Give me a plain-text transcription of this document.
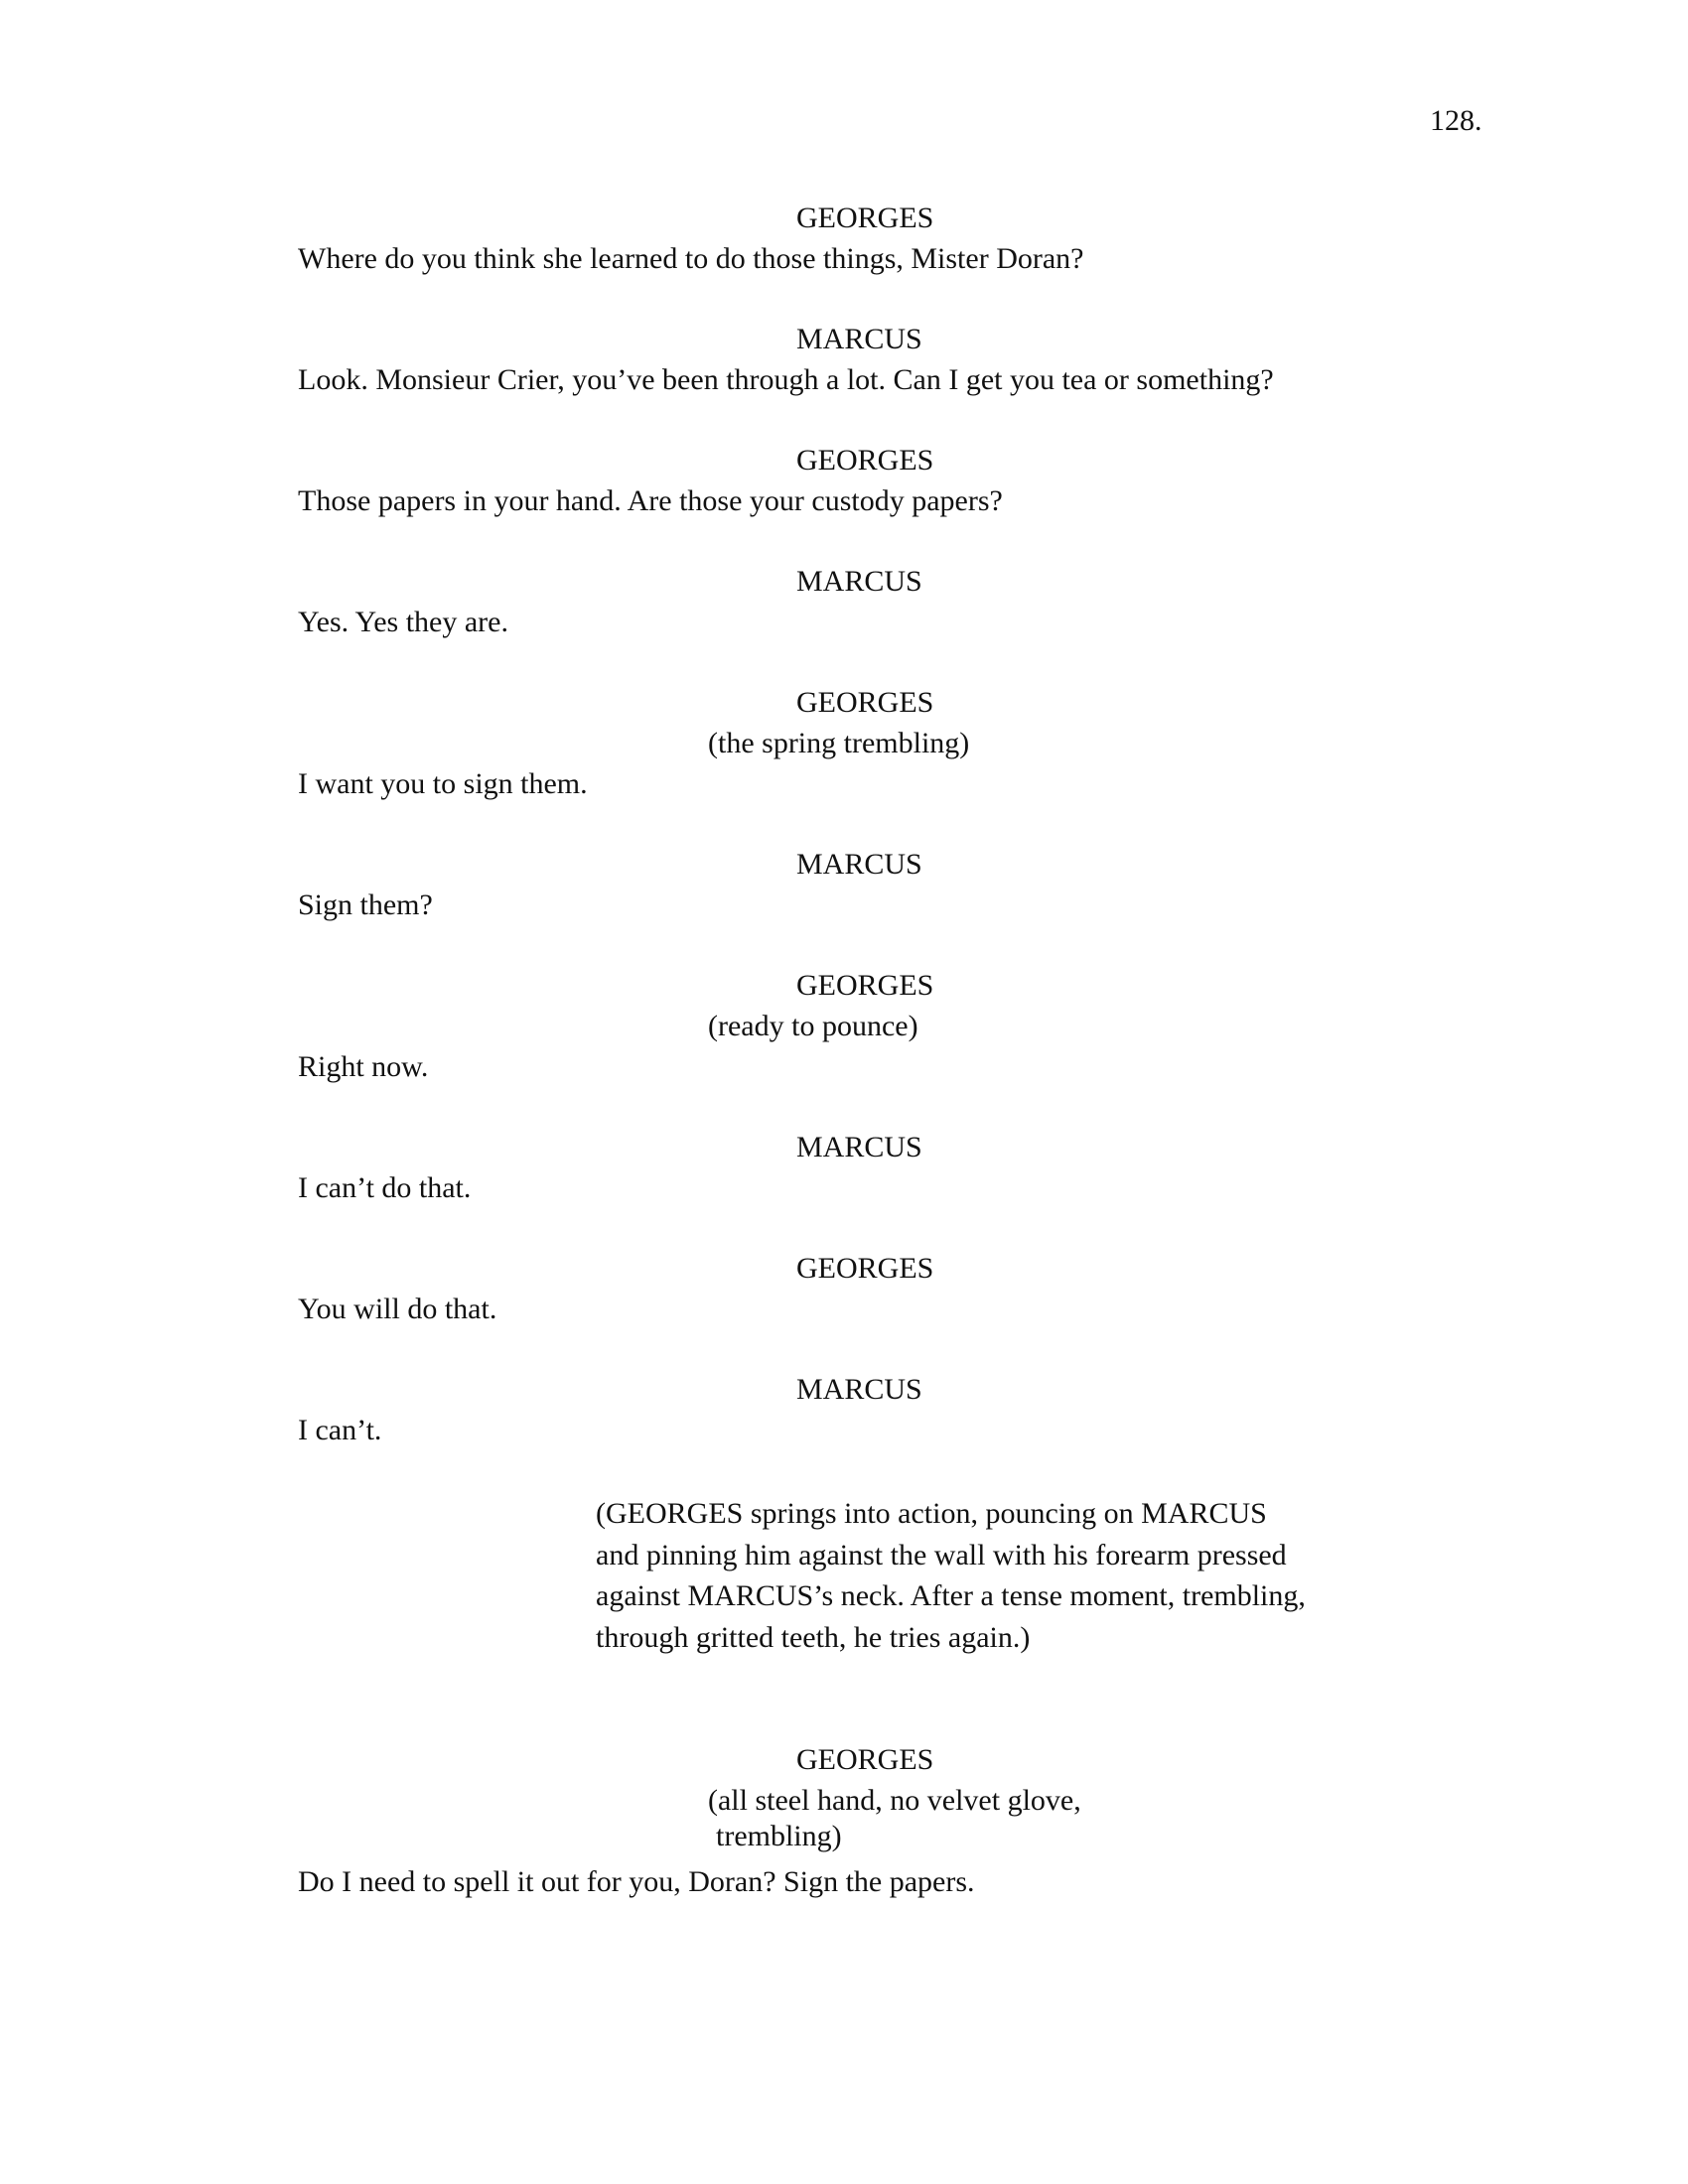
128.
GEORGES
Where do you think she learned to do those things, Mister Doran?
MARCUS
Look. Monsieur Crier, you’ve been through a lot. Can I get you tea or something?
GEORGES
Those papers in your hand. Are those your custody papers?
MARCUS
Yes. Yes they are.
GEORGES
(the spring trembling)
I want you to sign them.
MARCUS
Sign them?
GEORGES
(ready to pounce)
Right now.
MARCUS
I can’t do that.
GEORGES
You will do that.
MARCUS
I can’t.
(GEORGES springs into action, pouncing on MARCUS and pinning him against the wall with his forearm pressed against MARCUS’s neck. After a tense moment, trembling, through gritted teeth, he tries again.)
GEORGES
(all steel hand, no velvet glove,
trembling)
Do I need to spell it out for you, Doran? Sign the papers.
